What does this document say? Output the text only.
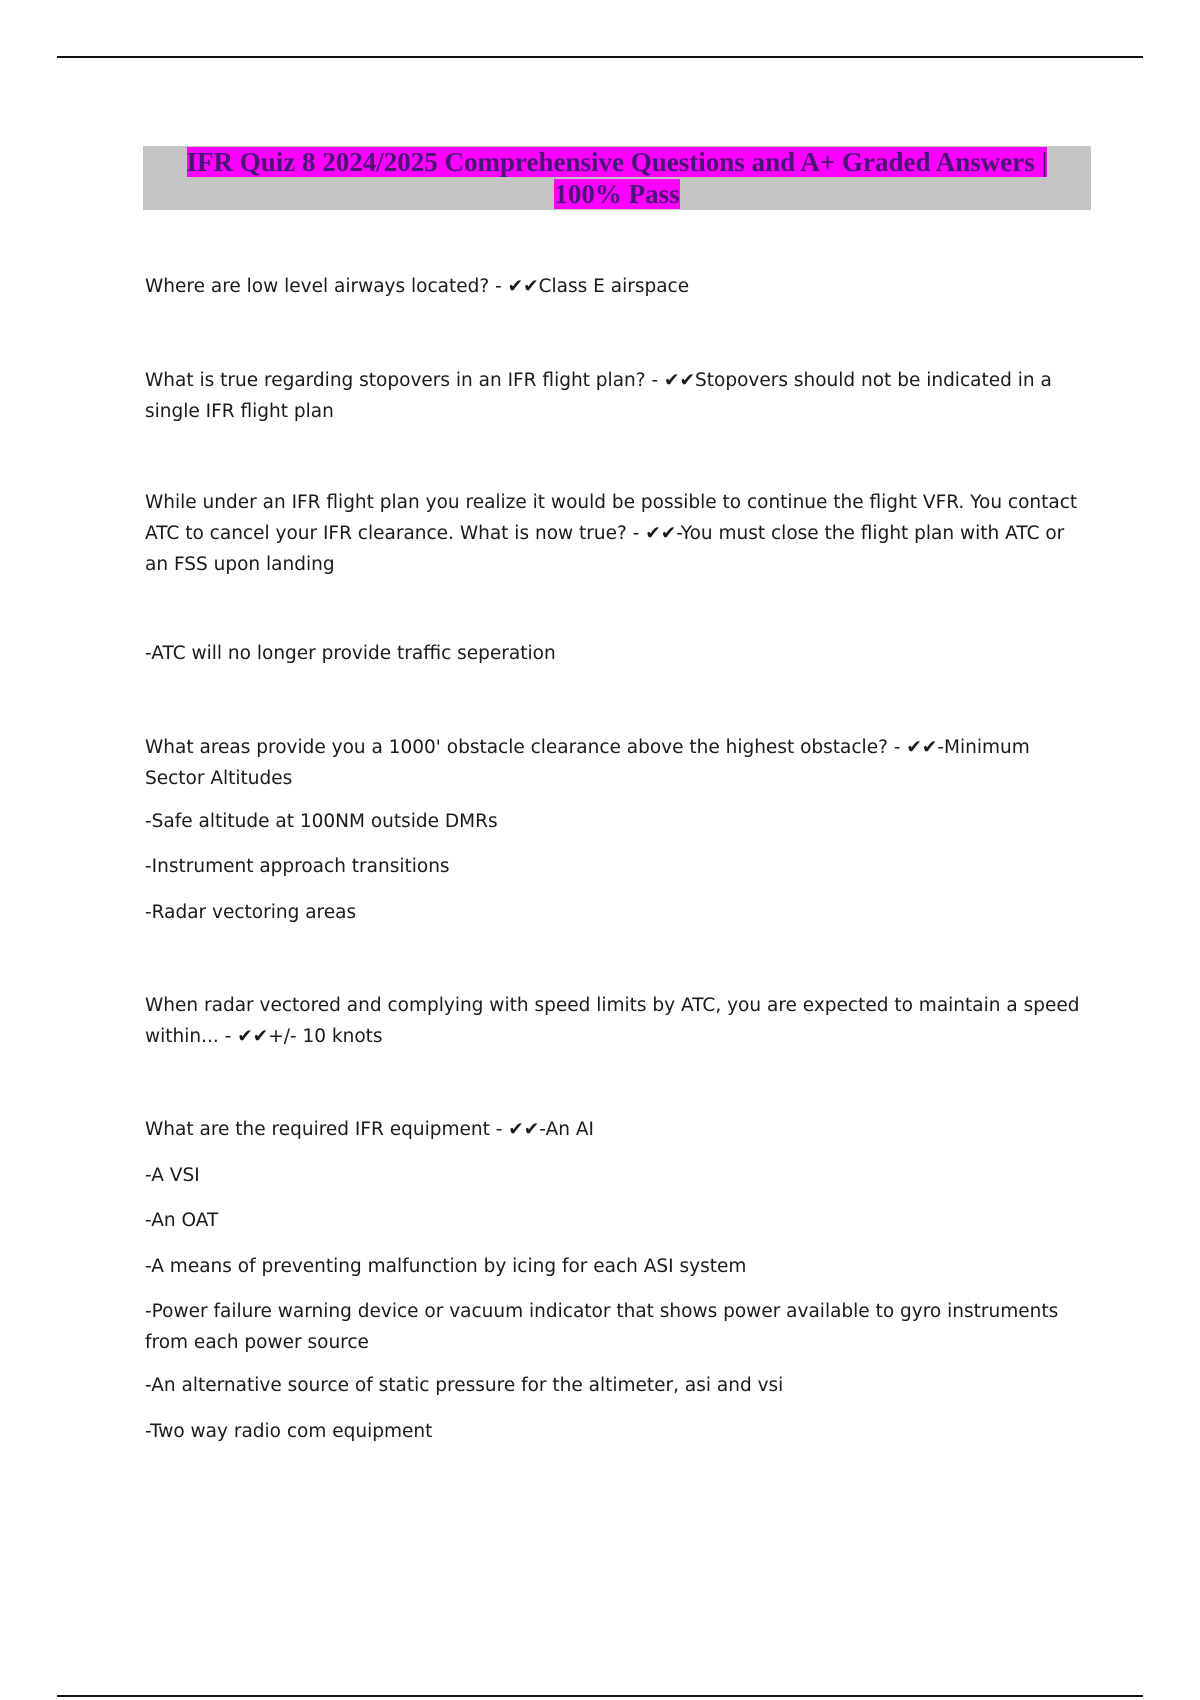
IFR Quiz 8 2024/2025 Comprehensive Questions and A+ Graded Answers |
100% Pass

Where are low level airways located? - ✔✔Class E airspace

What is true regarding stopovers in an IFR flight plan? - ✔✔Stopovers should not be indicated in a single IFR flight plan

While under an IFR flight plan you realize it would be possible to continue the flight VFR. You contact ATC to cancel your IFR clearance. What is now true? - ✔✔-You must close the flight plan with ATC or an FSS upon landing

-ATC will no longer provide traffic seperation

What areas provide you a 1000' obstacle clearance above the highest obstacle? - ✔✔-Minimum Sector Altitudes

-Safe altitude at 100NM outside DMRs

-Instrument approach transitions

-Radar vectoring areas

When radar vectored and complying with speed limits by ATC, you are expected to maintain a speed within... - ✔✔+/- 10 knots

What are the required IFR equipment - ✔✔-An AI

-A VSI

-An OAT

-A means of preventing malfunction by icing for each ASI system

-Power failure warning device or vacuum indicator that shows power available to gyro instruments from each power source

-An alternative source of static pressure for the altimeter, asi and vsi

-Two way radio com equipment
